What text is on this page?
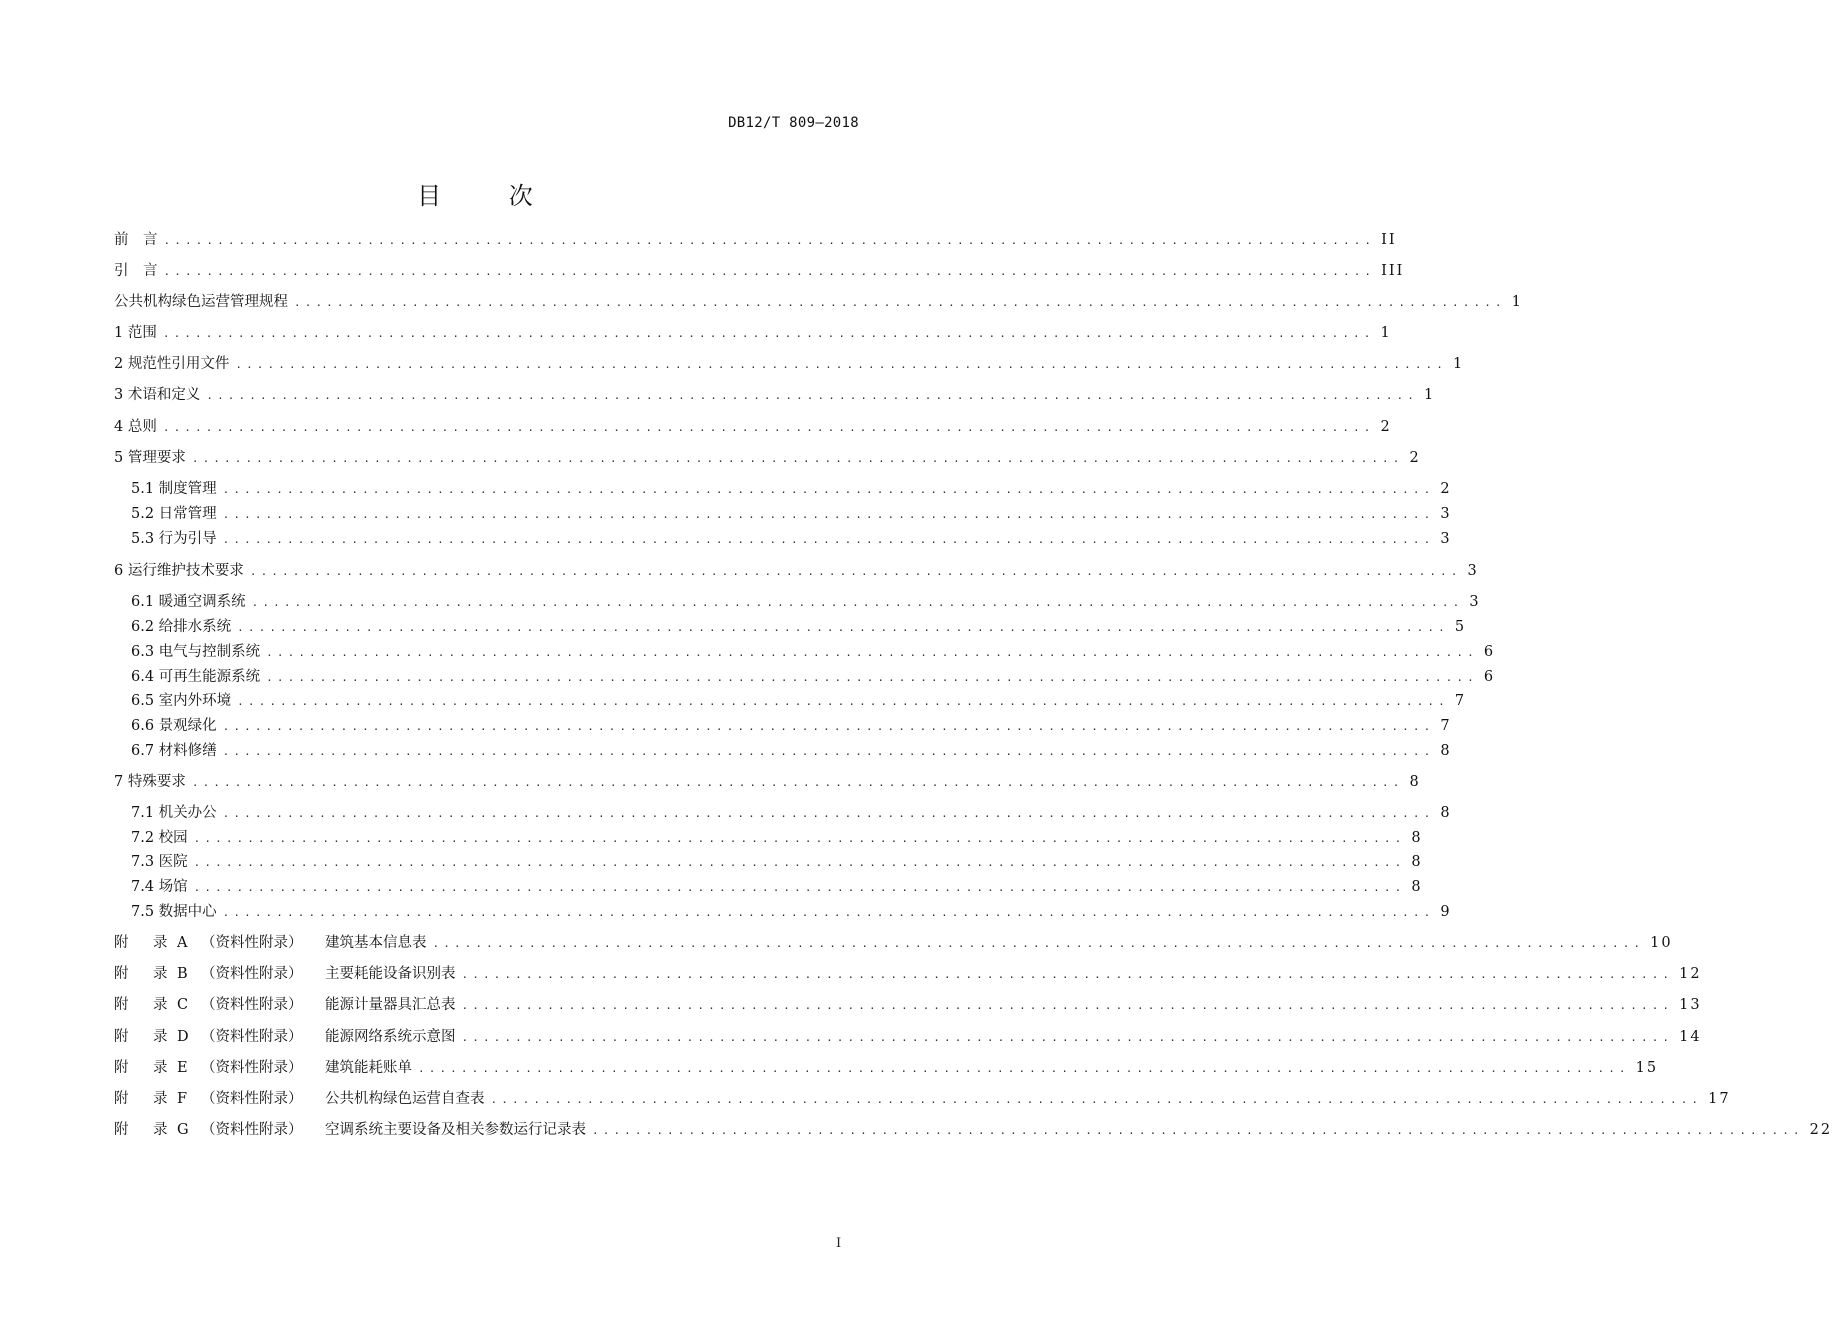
DB12/T 809—2018
目 次
前　言 ................................................................................................................. II
引　言 ................................................................................................................. III
公共机构绿色运营管理规程 ................................................................................................................. 1
1 范围 ................................................................................................................. 1
2 规范性引用文件 ................................................................................................................. 1
3 术语和定义 ................................................................................................................. 1
4 总则 ................................................................................................................. 2
5 管理要求 ................................................................................................................. 2
5.1 制度管理 ................................................................................................................. 2
5.2 日常管理 ................................................................................................................. 3
5.3 行为引导 ................................................................................................................. 3
6 运行维护技术要求 ................................................................................................................. 3
6.1 暖通空调系统 ................................................................................................................. 3
6.2 给排水系统 ................................................................................................................. 5
6.3 电气与控制系统 ................................................................................................................. 6
6.4 可再生能源系统 ................................................................................................................. 6
6.5 室内外环境 ................................................................................................................. 7
6.6 景观绿化 ................................................................................................................. 7
6.7 材料修缮 ................................................................................................................. 8
7 特殊要求 ................................................................................................................. 8
7.1 机关办公 ................................................................................................................. 8
7.2 校园 ................................................................................................................. 8
7.3 医院 ................................................................................................................. 8
7.4 场馆 ................................................................................................................. 8
7.5 数据中心 ................................................................................................................. 9
附	录 A （资料性附录）	建筑基本信息表 ................................................................................................................. 10
附	录 B （资料性附录）	主要耗能设备识别表 ................................................................................................................. 12
附	录 C （资料性附录）	能源计量器具汇总表 ................................................................................................................. 13
附	录 D （资料性附录）	能源网络系统示意图 ................................................................................................................. 14
附	录 E （资料性附录）	建筑能耗账单 ................................................................................................................. 15
附	录 F （资料性附录）	公共机构绿色运营自查表 ................................................................................................................. 17
附	录 G （资料性附录）	空调系统主要设备及相关参数运行记录表 ................................................................................................................. 22
I
